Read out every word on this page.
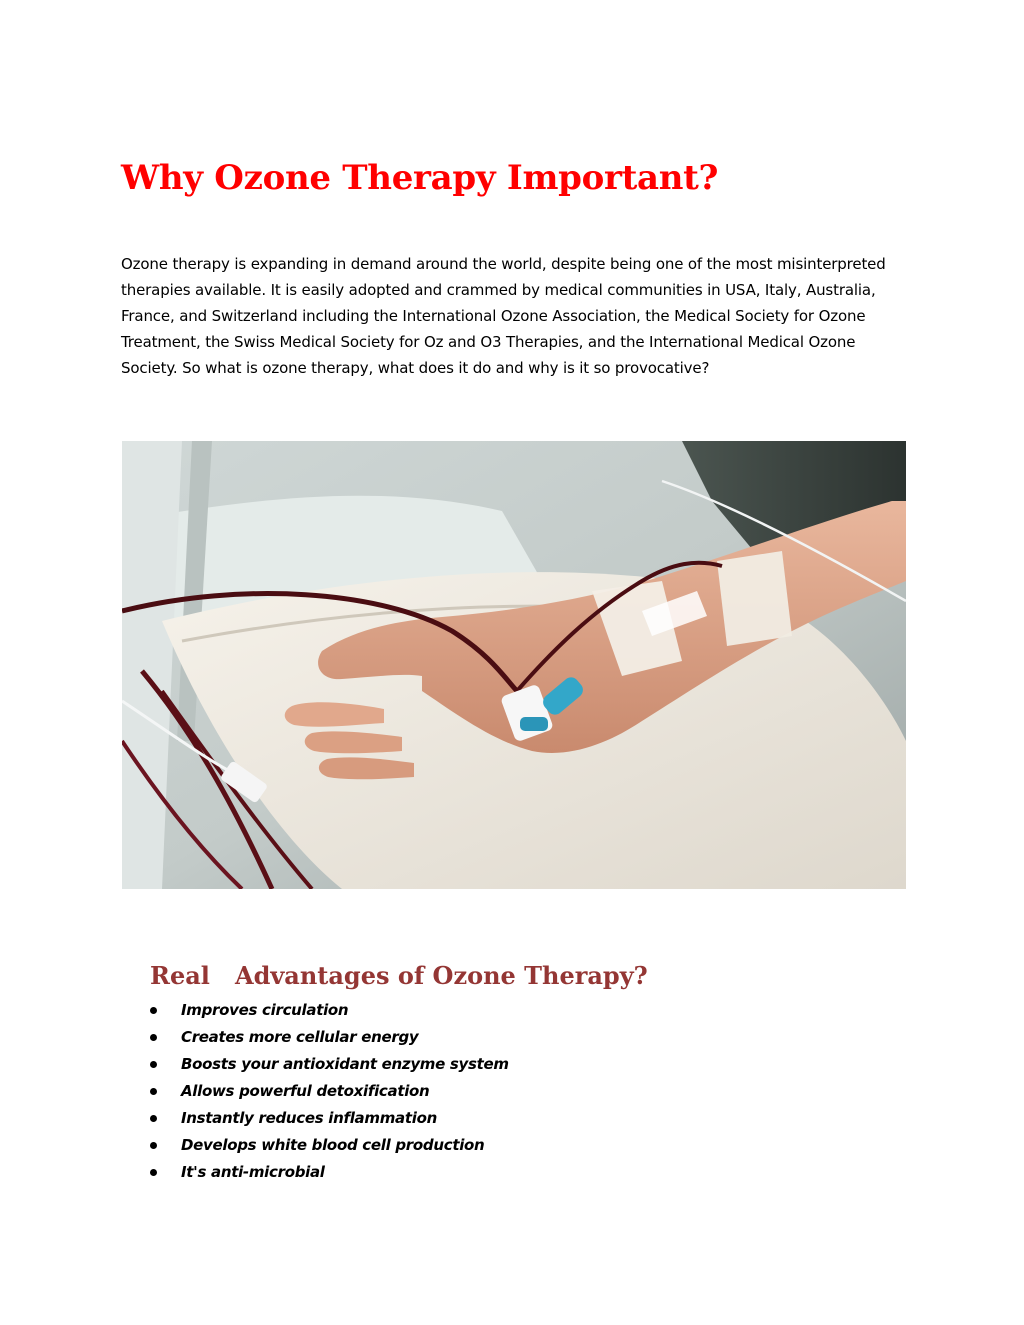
Why Ozone Therapy Important?

Ozone therapy is expanding in demand around the world, despite being one of the most misinterpreted therapies available. It is easily adopted and crammed by medical communities in USA, Italy, Australia, France, and Switzerland including the International Ozone Association, the Medical Society for Ozone Treatment, the Swiss Medical Society for Oz and O3 Therapies, and the International Medical Ozone Society. So what is ozone therapy, what does it do and why is it so provocative?

Real   Advantages of Ozone Therapy?
Improves circulation
Creates more cellular energy
Boosts your antioxidant enzyme system
Allows powerful detoxification
Instantly reduces inflammation
Develops white blood cell production
It's anti-microbial
